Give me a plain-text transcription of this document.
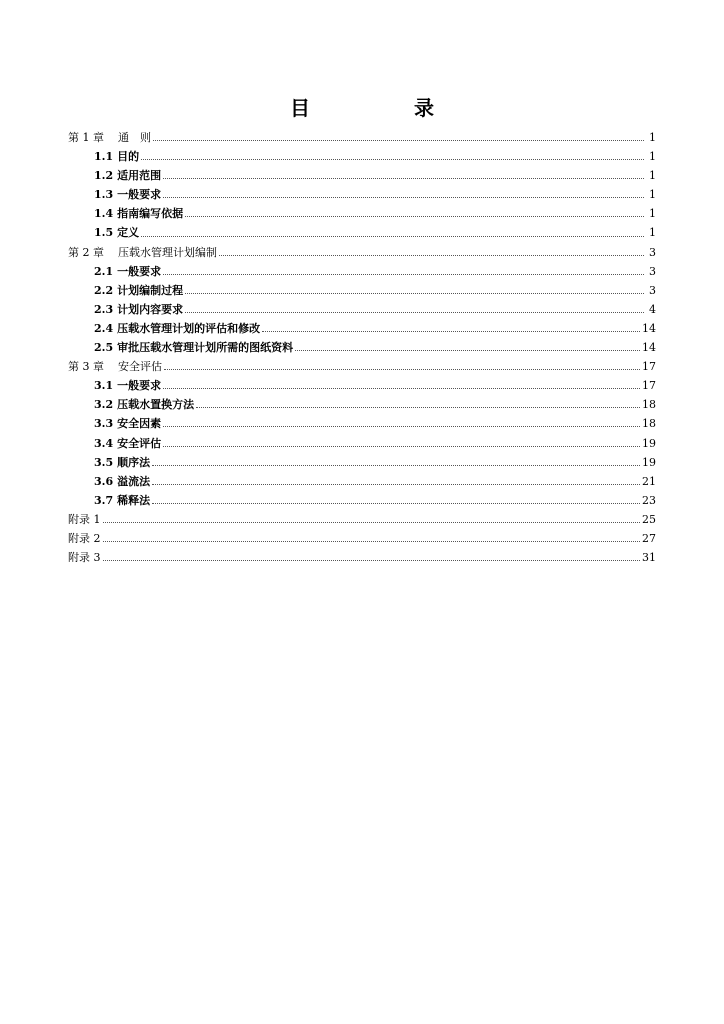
目　录
第 1 章 通　则	1
1.1 目的	1
1.2 适用范围	1
1.3 一般要求	1
1.4 指南编写依据	1
1.5 定义	1
第 2 章 压载水管理计划编制	3
2.1 一般要求	3
2.2 计划编制过程	3
2.3 计划内容要求	4
2.4 压载水管理计划的评估和修改	14
2.5 审批压载水管理计划所需的图纸资料	14
第 3 章 安全评估	17
3.1 一般要求	17
3.2 压载水置换方法	18
3.3 安全因素	18
3.4 安全评估	19
3.5 顺序法	19
3.6 溢流法	21
3.7 稀释法	23
附录 1	25
附录 2	27
附录 3	31
